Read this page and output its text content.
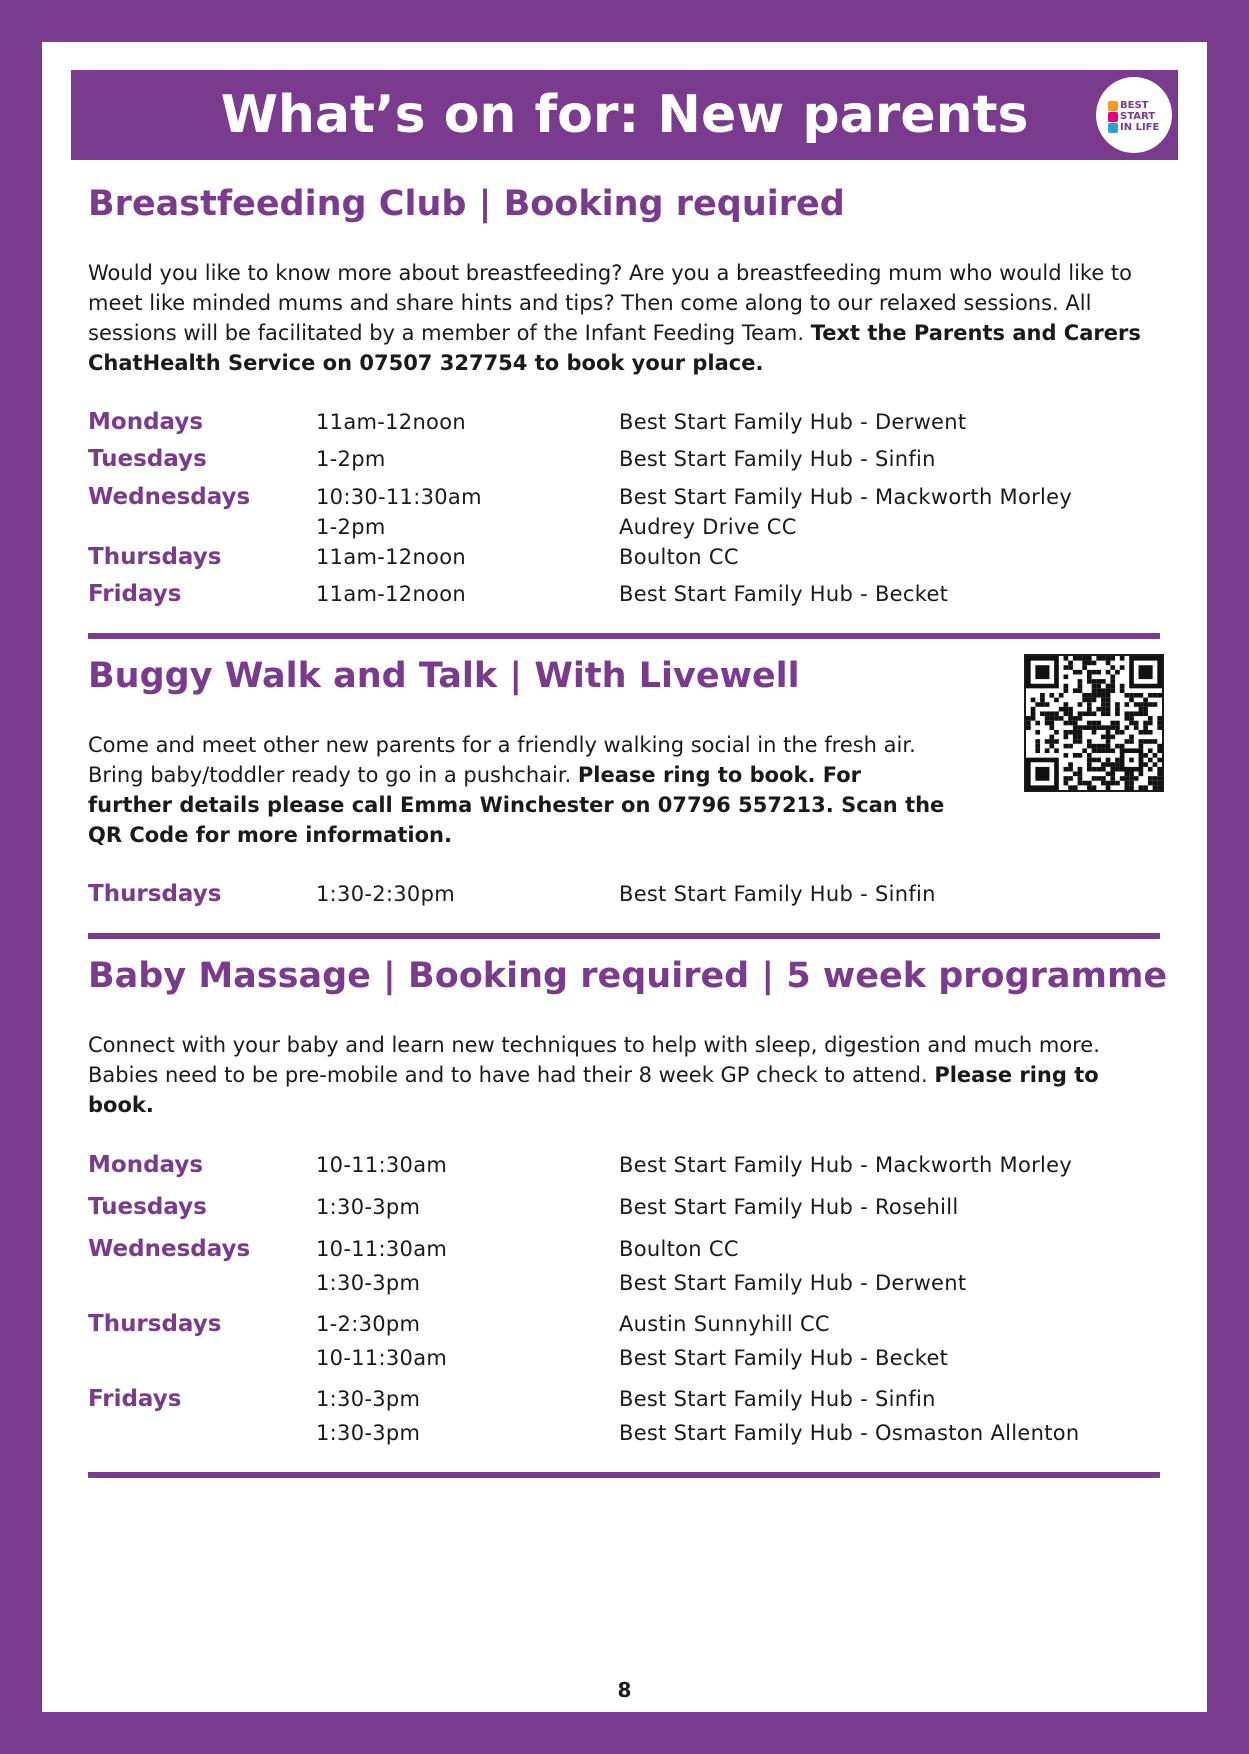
What’s on for: New parents	BEST
START
IN LIFE
Breastfeeding Club | Booking required
Would you like to know more about breastfeeding? Are you a breastfeeding mum who would like to meet like minded mums and share hints and tips? Then come along to our relaxed sessions. All sessions will be facilitated by a member of the Infant Feeding Team. Text the Parents and Carers ChatHealth Service on 07507 327754 to book your place.
Mondays	11am-12noon	Best Start Family Hub - Derwent
Tuesdays	1-2pm	Best Start Family Hub - Sinfin
Wednesdays	10:30-11:30am	Best Start Family Hub - Mackworth Morley
1-2pm	Audrey Drive CC
Thursdays	11am-12noon	Boulton CC
Fridays	11am-12noon	Best Start Family Hub - Becket
Buggy Walk and Talk | With Livewell
Come and meet other new parents for a friendly walking social in the fresh air. Bring baby/toddler ready to go in a pushchair. Please ring to book. For further details please call Emma Winchester on 07796 557213. Scan the QR Code for more information.
Thursdays	1:30-2:30pm	Best Start Family Hub - Sinfin
Baby Massage | Booking required | 5 week programme
Connect with your baby and learn new techniques to help with sleep, digestion and much more. Babies need to be pre-mobile and to have had their 8 week GP check to attend. Please ring to book.
Mondays	10-11:30am	Best Start Family Hub - Mackworth Morley
Tuesdays	1:30-3pm	Best Start Family Hub - Rosehill
Wednesdays	10-11:30am	Boulton CC
1:30-3pm	Best Start Family Hub - Derwent
Thursdays	1-2:30pm	Austin Sunnyhill CC
10-11:30am	Best Start Family Hub - Becket
Fridays	1:30-3pm	Best Start Family Hub - Sinfin
1:30-3pm	Best Start Family Hub - Osmaston Allenton
8
